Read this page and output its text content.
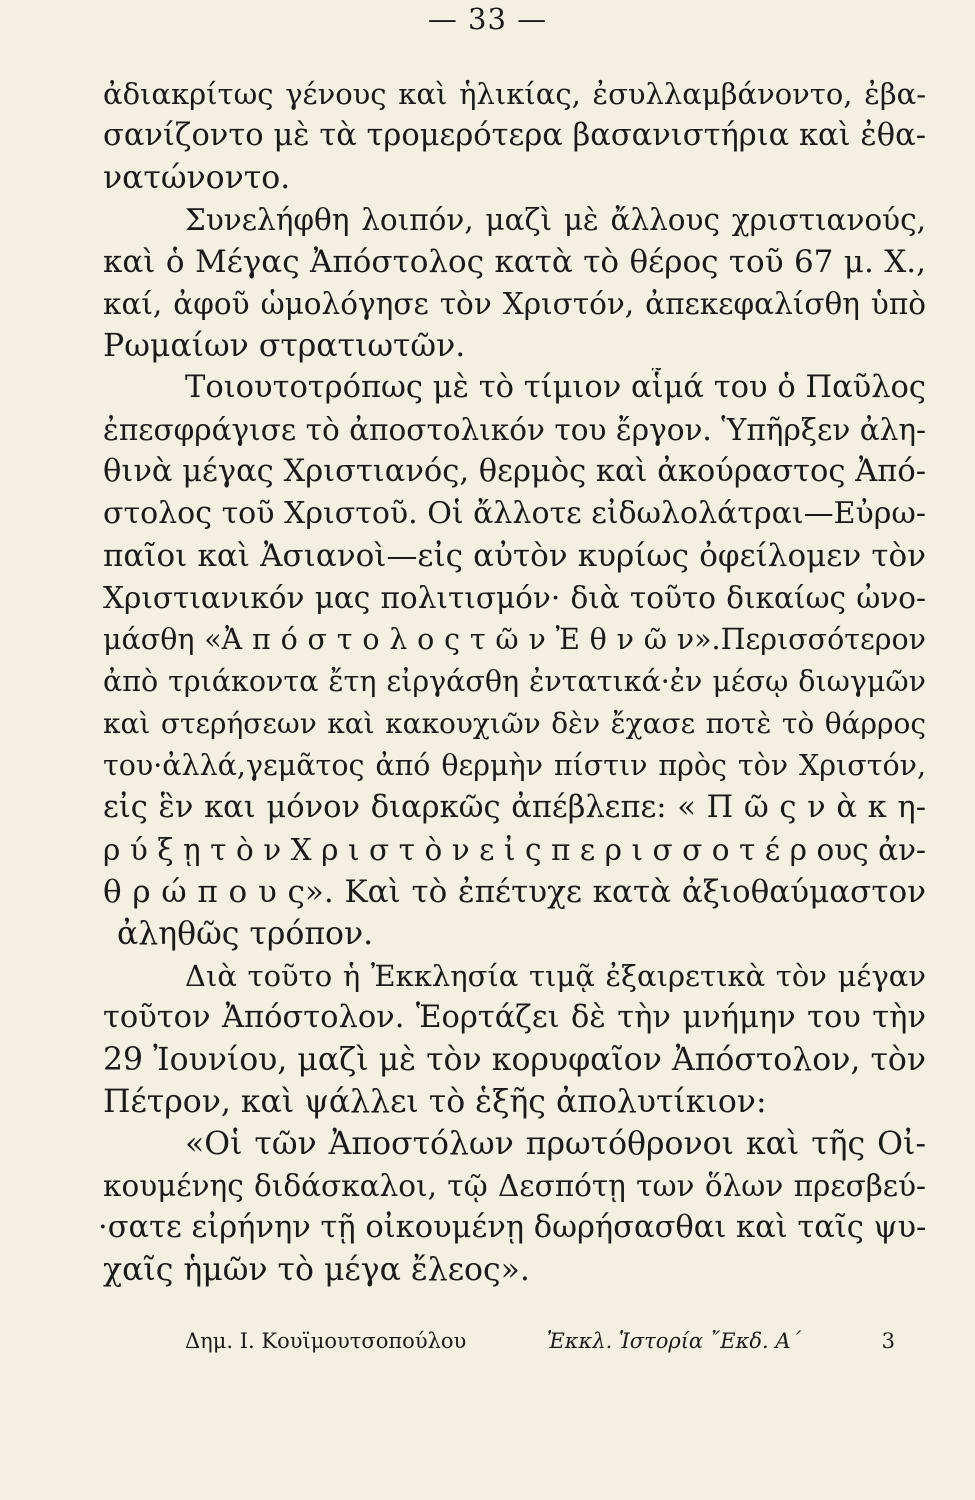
— 33 —
ἀδιακρίτως γένους καὶ ἡλικίας, ἐσυλλαμβάνοντο, ἐβα-
σανίζοντο μὲ τὰ τρομερότερα βασανιστήρια καὶ ἐθα-
νατώνοντο.
Συνελήφθη λοιπόν, μαζὶ μὲ ἄλλους χριστιανούς,
καὶ ὁ Μέγας Ἀπόστολος κατὰ τὸ θέρος τοῦ 67 μ. Χ.,
καί, ἀφοῦ ὡμολόγησε τὸν Χριστόν, ἀπεκεφαλίσθη ὑπὸ
Ρωμαίων στρατιωτῶν.
Τοιουτοτρόπως μὲ τὸ τίμιον αἷμά του ὁ Παῦλος
ἐπεσφράγισε τὸ ἀποστολικόν του ἔργον. Ὑπῆρξεν ἀλη-
θινὰ μέγας Χριστιανός, θερμὸς καὶ ἀκούραστος Ἀπό-
στολος τοῦ Χριστοῦ. Οἱ ἄλλοτε εἰδωλολάτραι—Εὐρω-
παῖοι καὶ Ἀσιανοὶ—εἰς αὐτὸν κυρίως ὀφείλομεν τὸν
Χριστιανικόν μας πολιτισμόν· διὰ τοῦτο δικαίως ὠνο-
μάσθη «Ἀ π ό σ τ ο λ ο ς τ ῶ ν Ἐ θ ν ῶ ν».Περισσότερον
ἀπὸ τριάκοντα ἔτη εἰργάσθη ἐντατικά·ἐν μέσῳ διωγμῶν
καὶ στερήσεων καὶ κακουχιῶν δὲν ἔχασε ποτὲ τὸ θάρρος
του·ἀλλά,γεμᾶτος ἀπό θερμὴν πίστιν πρὸς τὸν Χριστόν,
εἰς ἓν και μόνον διαρκῶς ἀπέβλεπε: « Π ῶ ς ν ὰ κ η-
ρ ύ ξ ῃ τ ὸ ν Χ ρ ι σ τ ὸ ν ε ἰ ς π ε ρ ι σ σ ο τ έ ρ ους ἀν-
θ ρ ώ π ο υ ς». Καὶ τὸ ἐπέτυχε κατὰ ἀξιοθαύμαστον
ἀληθῶς τρόπον.
Διὰ τοῦτο ἡ Ἐκκλησία τιμᾷ ἐξαιρετικὰ τὸν μέγαν
τοῦτον Ἀπόστολον. Ἑορτάζει δὲ τὴν μνήμην του τὴν
29 Ἰουνίου, μαζὶ μὲ τὸν κορυφαῖον Ἀπόστολον, τὸν
Πέτρον, καὶ ψάλλει τὸ ἑξῆς ἀπολυτίκιον:
«Οἱ τῶν Ἀποστόλων πρωτόθρονοι καὶ τῆς Οἰ-
κουμένης διδάσκαλοι, τῷ Δεσπότῃ των ὅλων πρεσβεύ-
·σατε εἰρήνην τῇ οἰκουμένῃ δωρήσασθαι καὶ ταῖς ψυ-
χαῖς ἡμῶν τὸ μέγα ἔλεος».
Δημ. Ι. Κουϊμουτσοπούλου	Ἐκκλ. Ἱστορία ῎Εκδ. Α΄	3
